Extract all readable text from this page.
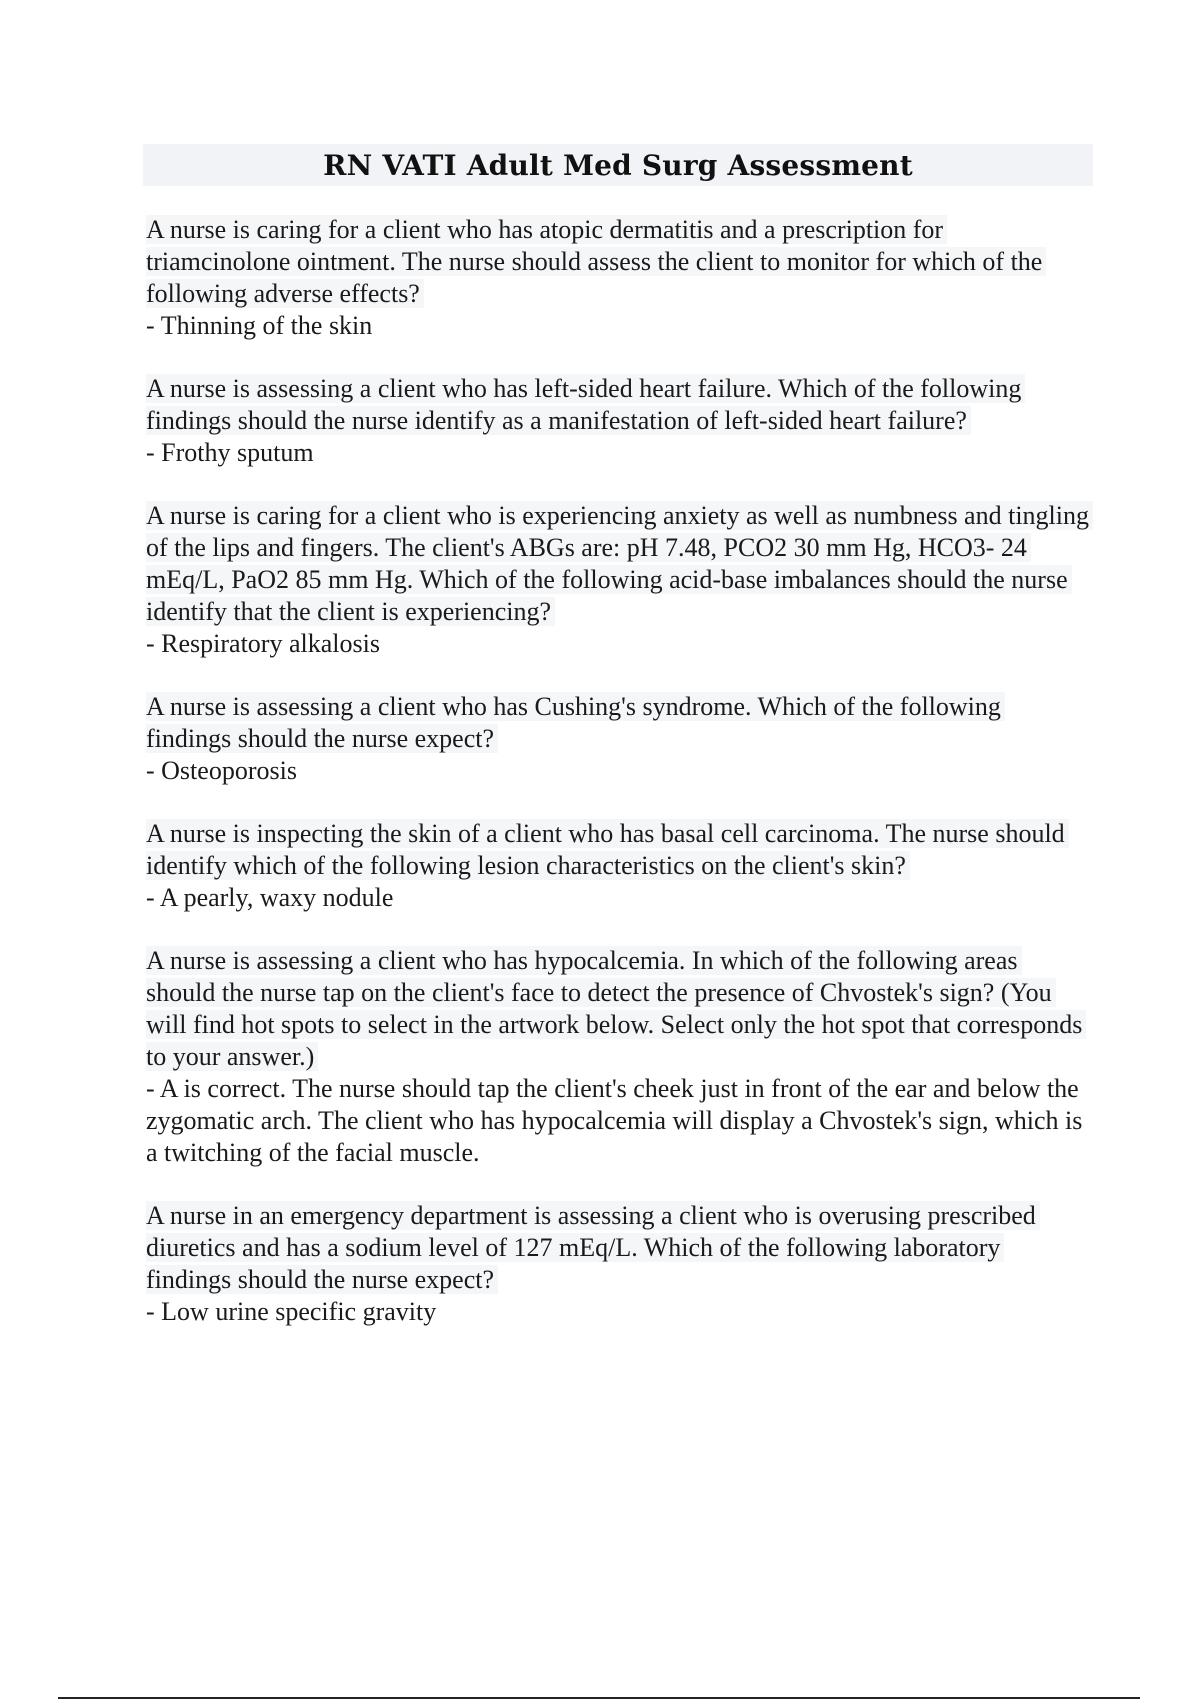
RN VATI Adult Med Surg Assessment

A nurse is caring for a client who has atopic dermatitis and a prescription for triamcinolone ointment. The nurse should assess the client to monitor for which of the following adverse effects?

- Thinning of the skin

A nurse is assessing a client who has left-sided heart failure. Which of the following findings should the nurse identify as a manifestation of left-sided heart failure?

- Frothy sputum

A nurse is caring for a client who is experiencing anxiety as well as numbness and tingling of the lips and fingers. The client's ABGs are: pH 7.48, PCO2 30 mm Hg, HCO3- 24 mEq/L, PaO2 85 mm Hg. Which of the following acid-base imbalances should the nurse identify that the client is experiencing?

- Respiratory alkalosis

A nurse is assessing a client who has Cushing's syndrome. Which of the following findings should the nurse expect?

- Osteoporosis

A nurse is inspecting the skin of a client who has basal cell carcinoma. The nurse should identify which of the following lesion characteristics on the client's skin?

- A pearly, waxy nodule

A nurse is assessing a client who has hypocalcemia. In which of the following areas should the nurse tap on the client's face to detect the presence of Chvostek's sign? (You will find hot spots to select in the artwork below. Select only the hot spot that corresponds to your answer.)

- A is correct. The nurse should tap the client's cheek just in front of the ear and below the zygomatic arch. The client who has hypocalcemia will display a Chvostek's sign, which is a twitching of the facial muscle.

A nurse in an emergency department is assessing a client who is overusing prescribed diuretics and has a sodium level of 127 mEq/L. Which of the following laboratory findings should the nurse expect?

- Low urine specific gravity
